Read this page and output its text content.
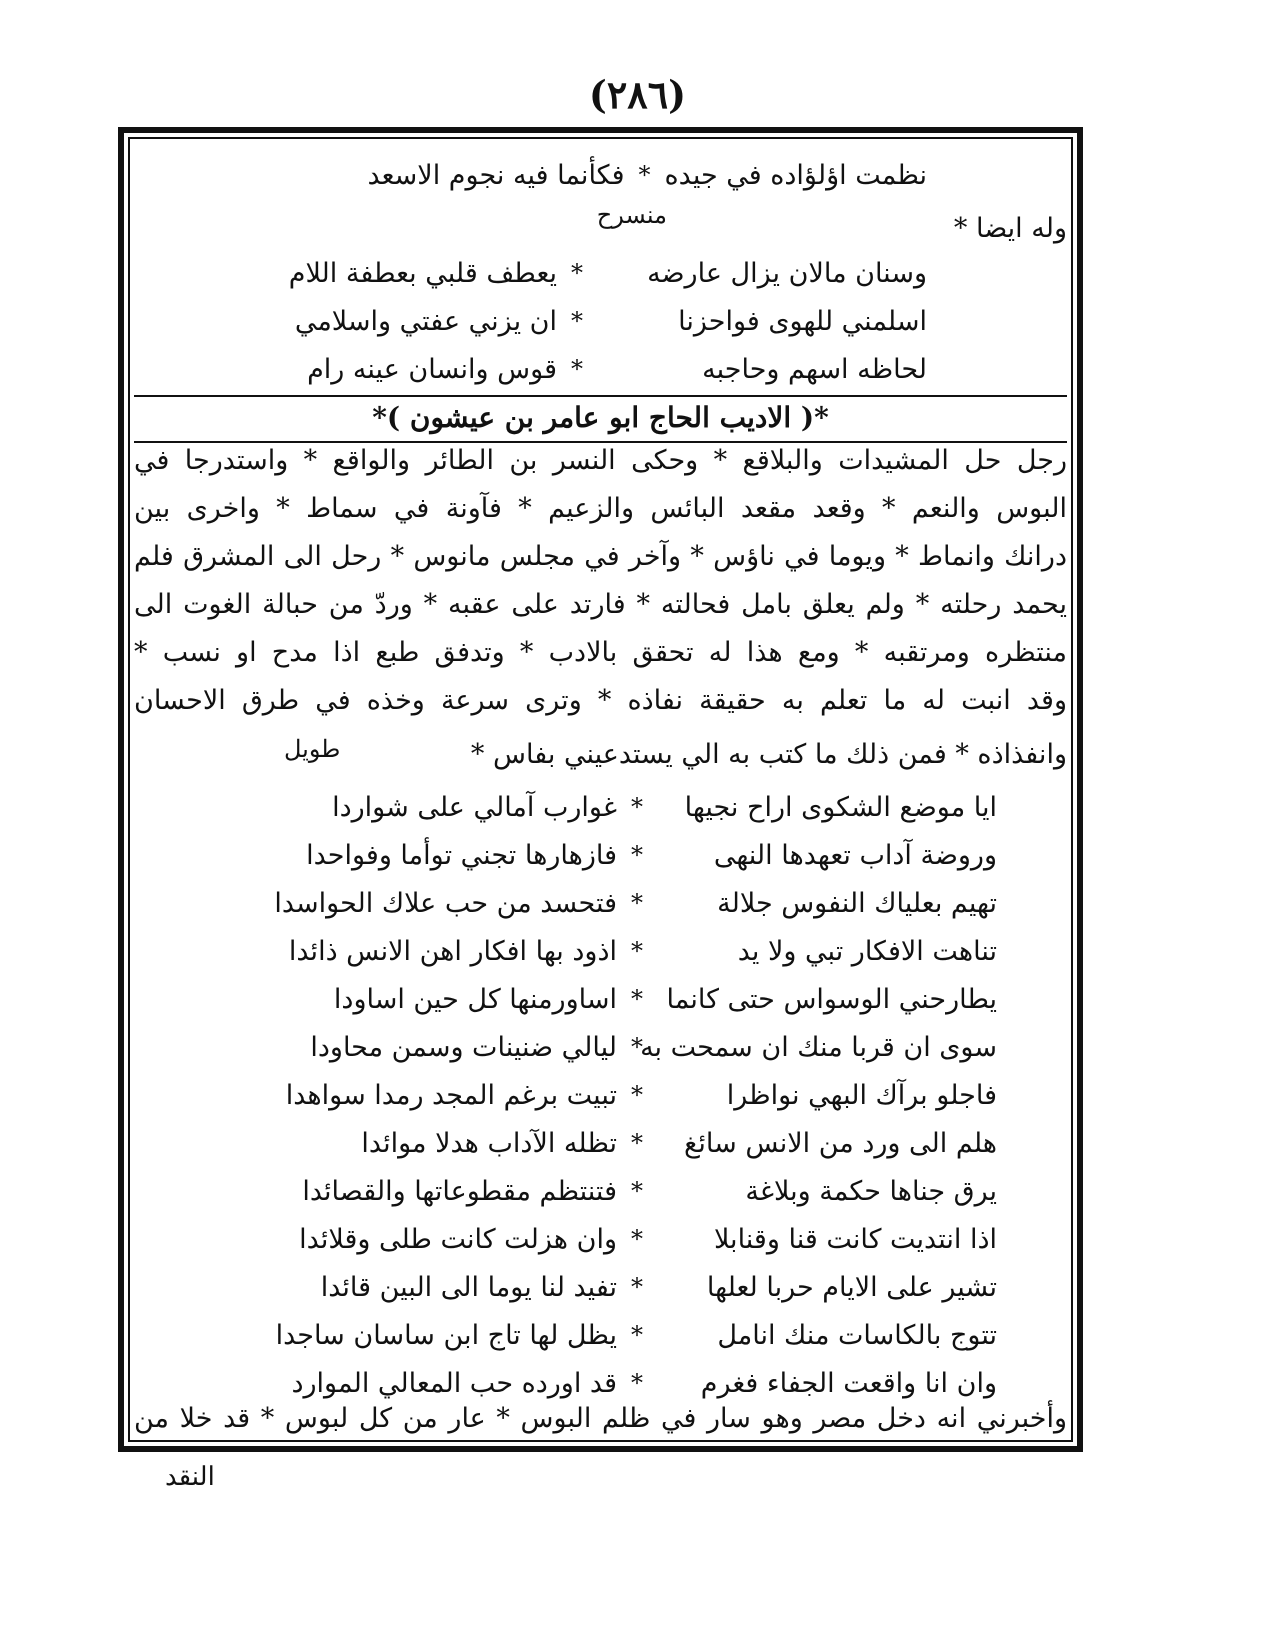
(٢٨٦)
نظمت اؤلؤاده في جيده
*
فكأنما فيه نجوم الاسعد
وله ايضا *
منسرح
وسنان مالان يزال عارضه
*
يعطف قلبي بعطفة اللام
اسلمني للهوى فواحزنا
*
ان يزني عفتي واسلامي
لحاظه اسهم وحاجبه
*
قوس وانسان عينه رام
*( الاديب الحاج ابو عامر بن عيشون )*
رجل حل المشيدات والبلاقع * وحكى النسر بن الطائر والواقع * واستدرجا في
البوس والنعم * وقعد مقعد البائس والزعيم * فآونة في سماط * واخرى بين
درانك وانماط * ويوما في ناؤس * وآخر في مجلس مانوس * رحل الى المشرق فلم
يحمد رحلته * ولم يعلق بامل فحالته * فارتد على عقبه * وردّ من حبالة الغوت الى
منتظره ومرتقبه * ومع هذا له تحقق بالادب * وتدفق طبع اذا مدح او نسب *
وقد انبت له ما تعلم به حقيقة نفاذه * وترى سرعة وخذه في طرق الاحسان
وانفذاذه * فمن ذلك ما كتب به الي يستدعيني بفاس *
طويل
ايا موضع الشكوى اراح نجيها
*
غوارب آمالي على شواردا
وروضة آداب تعهدها النهى
*
فازهارها تجني توأما وفواحدا
تهيم بعلياك النفوس جلالة
*
فتحسد من حب علاك الحواسدا
تناهت الافكار تبي ولا يد
*
اذود بها افكار اهن الانس ذائدا
يطارحني الوسواس حتى كانما
*
اساورمنها كل حين اساودا
سوى ان قربا منك ان سمحت به
*
ليالي ضنينات وسمن محاودا
فاجلو برآك البهي نواظرا
*
تبيت برغم المجد رمدا سواهدا
هلم الى ورد من الانس سائغ
*
تظله الآداب هدلا موائدا
يرق جناها حكمة وبلاغة
*
فتنتظم مقطوعاتها والقصائدا
اذا انتديت كانت قنا وقنابلا
*
وان هزلت كانت طلى وقلائدا
تشير على الايام حربا لعلها
*
تفيد لنا يوما الى البين قائدا
تتوج بالكاسات منك انامل
*
يظل لها تاج ابن ساسان ساجدا
وان انا واقعت الجفاء فغرم
*
قد اورده حب المعالي الموارد
وأخبرني انه دخل مصر وهو سار في ظلم البوس * عار من كل لبوس * قد خلا من
النقد
